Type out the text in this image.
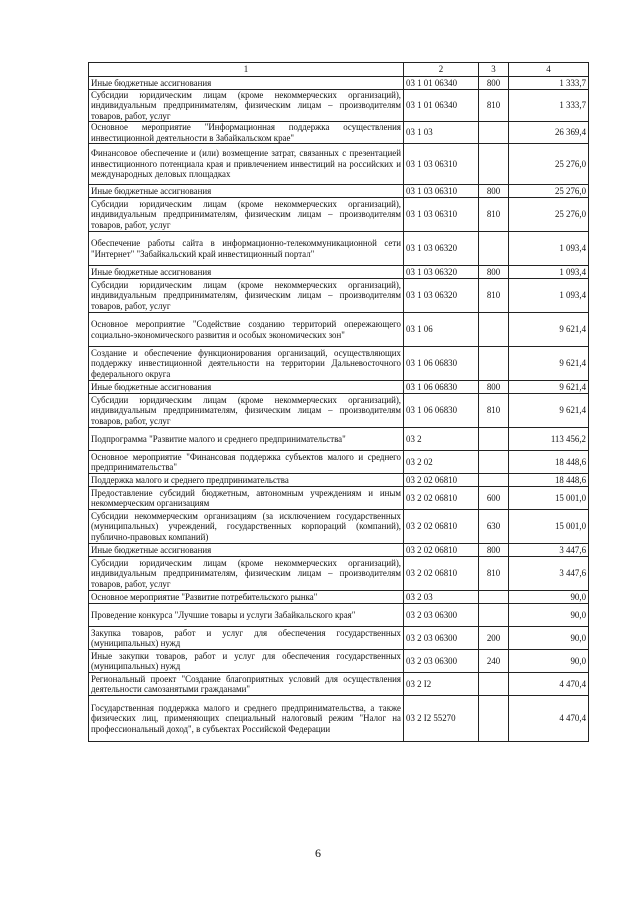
1	2	3	4
Иные бюджетные ассигнования	03 1 01 06340	800	1 333,7
Субсидии юридическим лицам (кроме некоммерческих организаций), индивидуальным предпринимателям, физическим лицам – производителям товаров, работ, услуг	03 1 01 06340	810	1 333,7
Основное мероприятие "Информационная поддержка осуществления инвестиционной деятельности в Забайкальском крае"	03 1 03		26 369,4
Финансовое обеспечение и (или) возмещение затрат, связанных с презентацией инвестиционного потенциала края и привлечением инвестиций на российских и международных деловых площадках	03 1 03 06310		25 276,0
Иные бюджетные ассигнования	03 1 03 06310	800	25 276,0
Субсидии юридическим лицам (кроме некоммерческих организаций), индивидуальным предпринимателям, физическим лицам – производителям товаров, работ, услуг	03 1 03 06310	810	25 276,0
Обеспечение работы сайта в информационно-телекоммуникационной сети "Интернет" "Забайкальский край инвестиционный портал"	03 1 03 06320		1 093,4
Иные бюджетные ассигнования	03 1 03 06320	800	1 093,4
Субсидии юридическим лицам (кроме некоммерческих организаций), индивидуальным предпринимателям, физическим лицам – производителям товаров, работ, услуг	03 1 03 06320	810	1 093,4
Основное мероприятие "Содействие созданию территорий опережающего социально-экономического развития и особых экономических зон"	03 1 06		9 621,4
Создание и обеспечение функционирования организаций, осуществляющих поддержку инвестиционной деятельности на территории Дальневосточного федерального округа	03 1 06 06830		9 621,4
Иные бюджетные ассигнования	03 1 06 06830	800	9 621,4
Субсидии юридическим лицам (кроме некоммерческих организаций), индивидуальным предпринимателям, физическим лицам – производителям товаров, работ, услуг	03 1 06 06830	810	9 621,4
Подпрограмма "Развитие малого и среднего предпринимательства"	03 2		113 456,2
Основное мероприятие "Финансовая поддержка субъектов малого и среднего предпринимательства"	03 2 02		18 448,6
Поддержка малого и среднего предпринимательства	03 2 02 06810		18 448,6
Предоставление субсидий бюджетным, автономным учреждениям и иным некоммерческим организациям	03 2 02 06810	600	15 001,0
Субсидии некоммерческим организациям (за исключением государственных (муниципальных) учреждений, государственных корпораций (компаний), публично-правовых компаний)	03 2 02 06810	630	15 001,0
Иные бюджетные ассигнования	03 2 02 06810	800	3 447,6
Субсидии юридическим лицам (кроме некоммерческих организаций), индивидуальным предпринимателям, физическим лицам – производителям товаров, работ, услуг	03 2 02 06810	810	3 447,6
Основное мероприятие "Развитие потребительского рынка"	03 2 03		90,0
Проведение конкурса "Лучшие товары и услуги Забайкальского края"	03 2 03 06300		90,0
Закупка товаров, работ и услуг для обеспечения государственных (муниципальных) нужд	03 2 03 06300	200	90,0
Иные закупки товаров, работ и услуг для обеспечения государственных (муниципальных) нужд	03 2 03 06300	240	90,0
Региональный проект "Создание благоприятных условий для осуществления деятельности самозанятыми гражданами"	03 2 I2		4 470,4
Государственная поддержка малого и среднего предпринимательства, а также физических лиц, применяющих специальный налоговый режим "Налог на профессиональный доход", в субъектах Российской Федерации	03 2 I2 55270		4 470,4
6
